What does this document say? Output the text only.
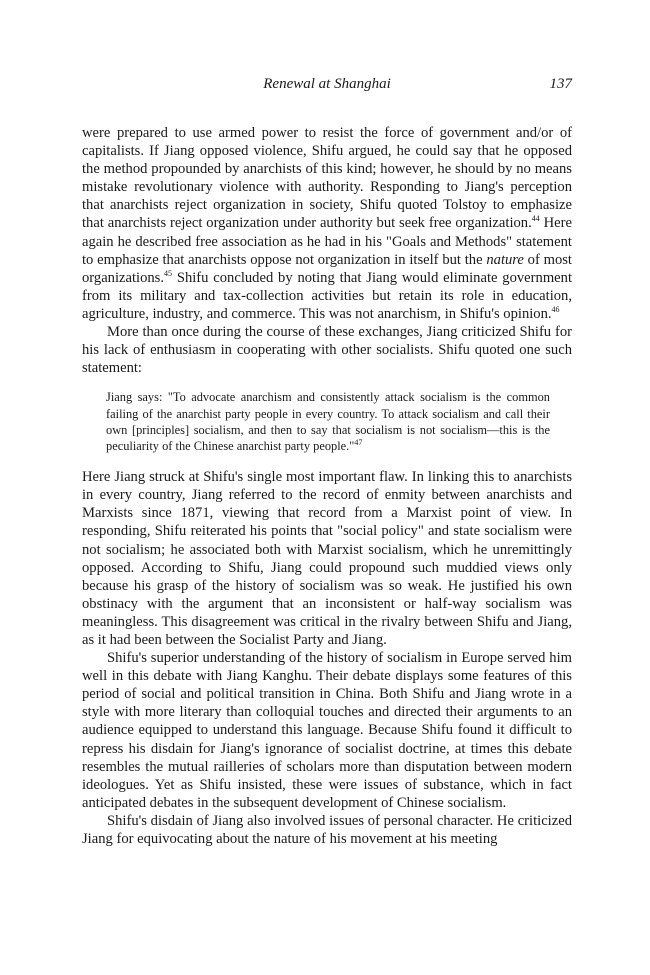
Renewal at Shanghai	137

were prepared to use armed power to resist the force of government and/or of capitalists. If Jiang opposed violence, Shifu argued, he could say that he opposed the method propounded by anarchists of this kind; however, he should by no means mistake revolutionary violence with authority. Responding to Jiang's perception that anarchists reject organization in society, Shifu quoted Tolstoy to emphasize that anarchists reject organization under authority but seek free organization.$^{44}$ Here again he described free association as he had in his "Goals and Methods" statement to emphasize that anarchists oppose not organization in itself but the nature of most organizations.$^{45}$ Shifu concluded by noting that Jiang would eliminate government from its military and tax-collection activities but retain its role in education, agriculture, industry, and commerce. This was not anarchism, in Shifu's opinion.$^{46}$

More than once during the course of these exchanges, Jiang criticized Shifu for his lack of enthusiasm in cooperating with other socialists. Shifu quoted one such statement:

Jiang says: "To advocate anarchism and consistently attack socialism is the common failing of the anarchist party people in every country. To attack socialism and call their own [principles] socialism, and then to say that socialism is not socialism—this is the peculiarity of the Chinese anarchist party people."$^{47}$

Here Jiang struck at Shifu's single most important flaw. In linking this to anarchists in every country, Jiang referred to the record of enmity between anarchists and Marxists since 1871, viewing that record from a Marxist point of view. In responding, Shifu reiterated his points that "social policy" and state socialism were not socialism; he associated both with Marxist socialism, which he unremittingly opposed. According to Shifu, Jiang could propound such muddied views only because his grasp of the history of socialism was so weak. He justified his own obstinacy with the argument that an inconsistent or half-way socialism was meaningless. This disagreement was critical in the rivalry between Shifu and Jiang, as it had been between the Socialist Party and Jiang.

Shifu's superior understanding of the history of socialism in Europe served him well in this debate with Jiang Kanghu. Their debate displays some features of this period of social and political transition in China. Both Shifu and Jiang wrote in a style with more literary than colloquial touches and directed their arguments to an audience equipped to understand this language. Because Shifu found it difficult to repress his disdain for Jiang's ignorance of socialist doctrine, at times this debate resembles the mutual railleries of scholars more than disputation between modern ideologues. Yet as Shifu insisted, these were issues of substance, which in fact anticipated debates in the subsequent development of Chinese socialism.

Shifu's disdain of Jiang also involved issues of personal character. He criticized Jiang for equivocating about the nature of his movement at his meeting
